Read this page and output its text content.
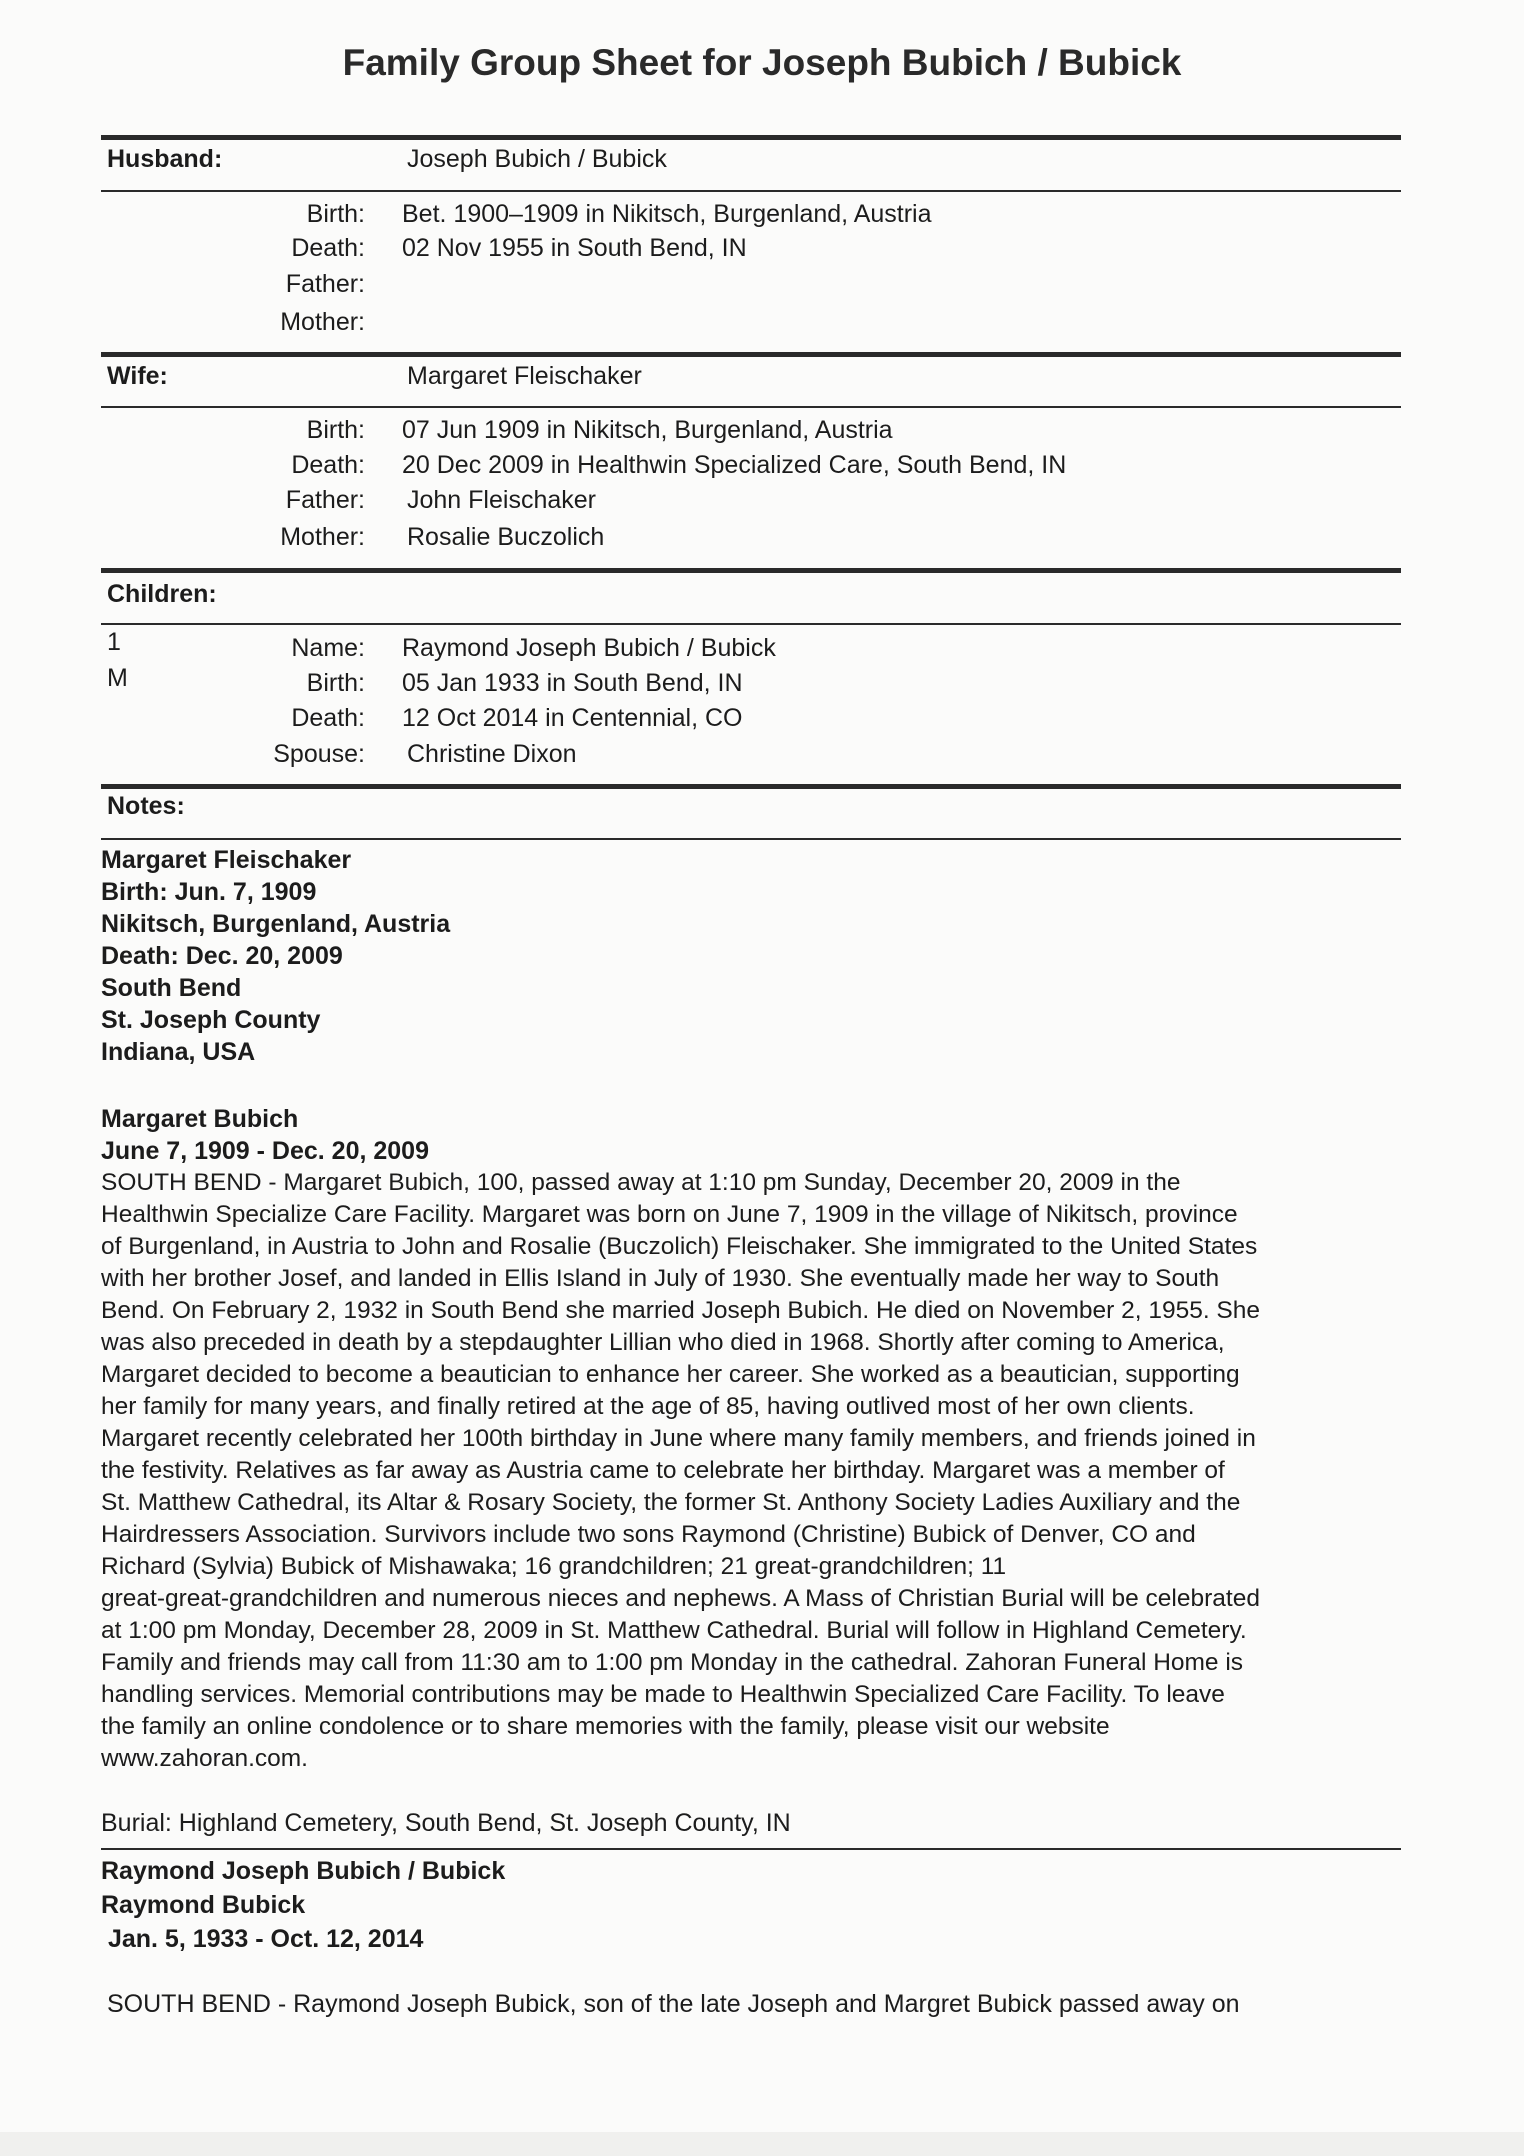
Family Group Sheet for Joseph Bubich / Bubick
Husband:	Joseph Bubich / Bubick
Birth: Bet. 1900–1909 in Nikitsch, Burgenland, Austria
Death: 02 Nov 1955 in South Bend, IN
Father:
Mother:
Wife:	Margaret Fleischaker
Birth: 07 Jun 1909 in Nikitsch, Burgenland, Austria
Death: 20 Dec 2009 in Healthwin Specialized Care, South Bend, IN
Father: John Fleischaker
Mother: Rosalie Buczolich
Children:
1
M
Name: Raymond Joseph Bubich / Bubick
Birth: 05 Jan 1933 in South Bend, IN
Death: 12 Oct 2014 in Centennial, CO
Spouse: Christine Dixon
Notes:
Margaret Fleischaker
Birth: Jun. 7, 1909
Nikitsch, Burgenland, Austria
Death: Dec. 20, 2009
South Bend
St. Joseph County
Indiana, USA
Margaret Bubich
June 7, 1909 - Dec. 20, 2009

SOUTH BEND - Margaret Bubich, 100, passed away at 1:10 pm Sunday, December 20, 2009 in the

Healthwin Specialize Care Facility. Margaret was born on June 7, 1909 in the village of Nikitsch, province

of Burgenland, in Austria to John and Rosalie (Buczolich) Fleischaker. She immigrated to the United States

with her brother Josef, and landed in Ellis Island in July of 1930. She eventually made her way to South

Bend. On February 2, 1932 in South Bend she married Joseph Bubich. He died on November 2, 1955. She

was also preceded in death by a stepdaughter Lillian who died in 1968. Shortly after coming to America,

Margaret decided to become a beautician to enhance her career. She worked as a beautician, supporting

her family for many years, and finally retired at the age of 85, having outlived most of her own clients.

Margaret recently celebrated her 100th birthday in June where many family members, and friends joined in

the festivity. Relatives as far away as Austria came to celebrate her birthday. Margaret was a member of

St. Matthew Cathedral, its Altar & Rosary Society, the former St. Anthony Society Ladies Auxiliary and the

Hairdressers Association. Survivors include two sons Raymond (Christine) Bubick of Denver, CO and

Richard (Sylvia) Bubick of Mishawaka; 16 grandchildren; 21 great-grandchildren; 11

great-great-grandchildren and numerous nieces and nephews. A Mass of Christian Burial will be celebrated

at 1:00 pm Monday, December 28, 2009 in St. Matthew Cathedral. Burial will follow in Highland Cemetery.

Family and friends may call from 11:30 am to 1:00 pm Monday in the cathedral. Zahoran Funeral Home is

handling services. Memorial contributions may be made to Healthwin Specialized Care Facility. To leave

the family an online condolence or to share memories with the family, please visit our website

www.zahoran.com.

Burial: Highland Cemetery, South Bend, St. Joseph County, IN
Raymond Joseph Bubich / Bubick
Raymond Bubick
Jan. 5, 1933 - Oct. 12, 2014
SOUTH BEND - Raymond Joseph Bubick, son of the late Joseph and Margret Bubick passed away on
